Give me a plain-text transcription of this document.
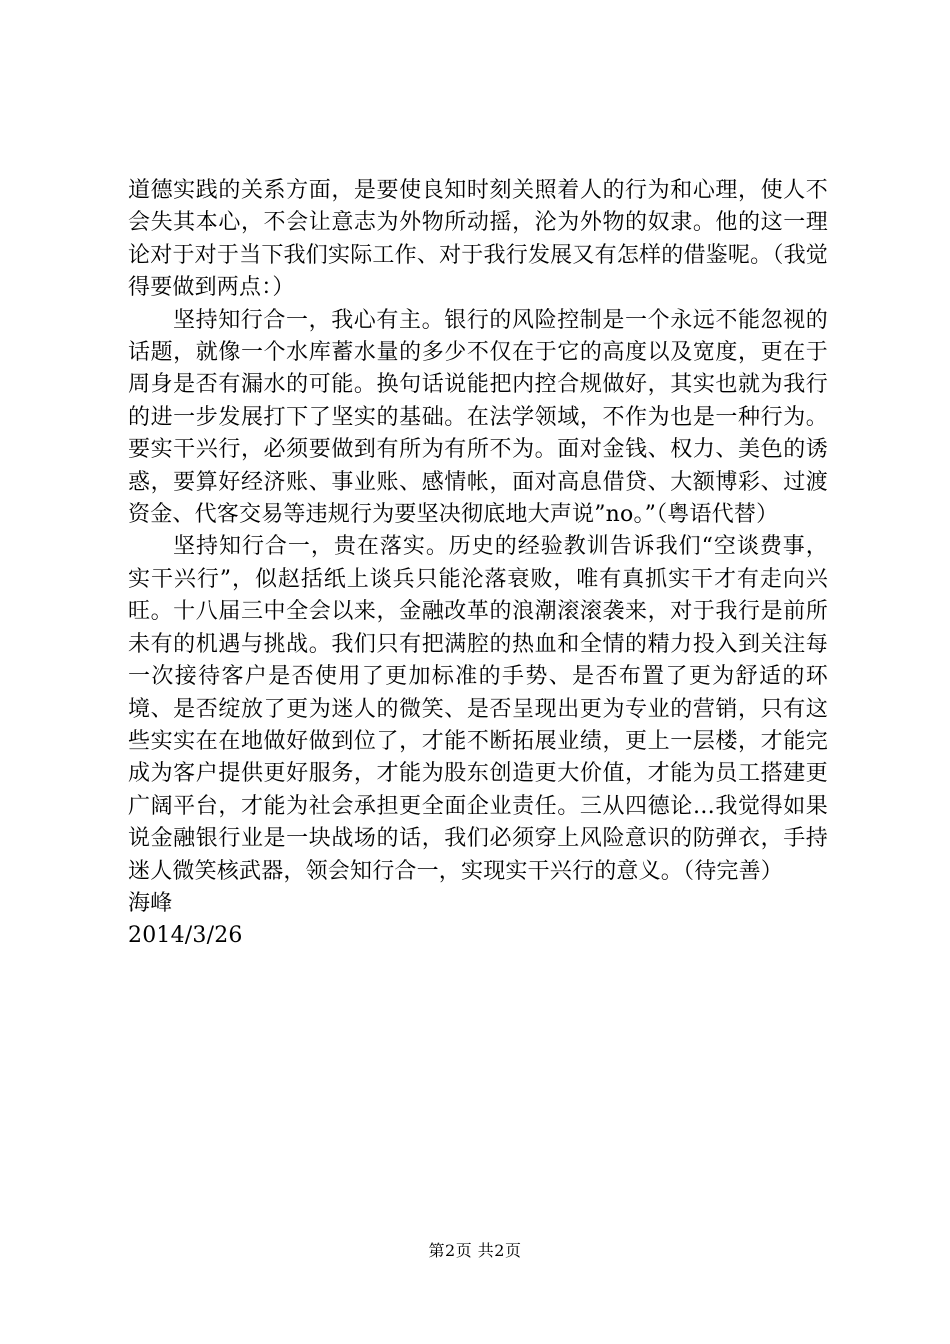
道德实践的关系方面，是要使良知时刻关照着人的行为和心理，使人不会失其本心，不会让意志为外物所动摇，沦为外物的奴隶。他的这一理论对于对于当下我们实际工作、对于我行发展又有怎样的借鉴呢。（我觉得要做到两点：）

坚持知行合一，我心有主。银行的风险控制是一个永远不能忽视的话题，就像一个水库蓄水量的多少不仅在于它的高度以及宽度，更在于周身是否有漏水的可能。换句话说能把内控合规做好，其实也就为我行的进一步发展打下了坚实的基础。在法学领域，不作为也是一种行为。要实干兴行，必须要做到有所为有所不为。面对金钱、权力、美色的诱惑，要算好经济账、事业账、感情帐，面对高息借贷、大额博彩、过渡资金、代客交易等违规行为要坚决彻底地大声说”no。”（粤语代替）

坚持知行合一，贵在落实。历史的经验教训告诉我们“空谈费事，实干兴行”，似赵括纸上谈兵只能沦落衰败，唯有真抓实干才有走向兴旺。十八届三中全会以来，金融改革的浪潮滚滚袭来，对于我行是前所未有的机遇与挑战。我们只有把满腔的热血和全情的精力投入到关注每一次接待客户是否使用了更加标准的手势、是否布置了更为舒适的环境、是否绽放了更为迷人的微笑、是否呈现出更为专业的营销，只有这些实实在在地做好做到位了，才能不断拓展业绩，更上一层楼，才能完成为客户提供更好服务，才能为股东创造更大价值，才能为员工搭建更广阔平台，才能为社会承担更全面企业责任。三从四德论…我觉得如果说金融银行业是一块战场的话，我们必须穿上风险意识的防弹衣，手持迷人微笑核武器，领会知行合一，实现实干兴行的意义。（待完善）

海峰

2014/3/26

第2页 共2页
